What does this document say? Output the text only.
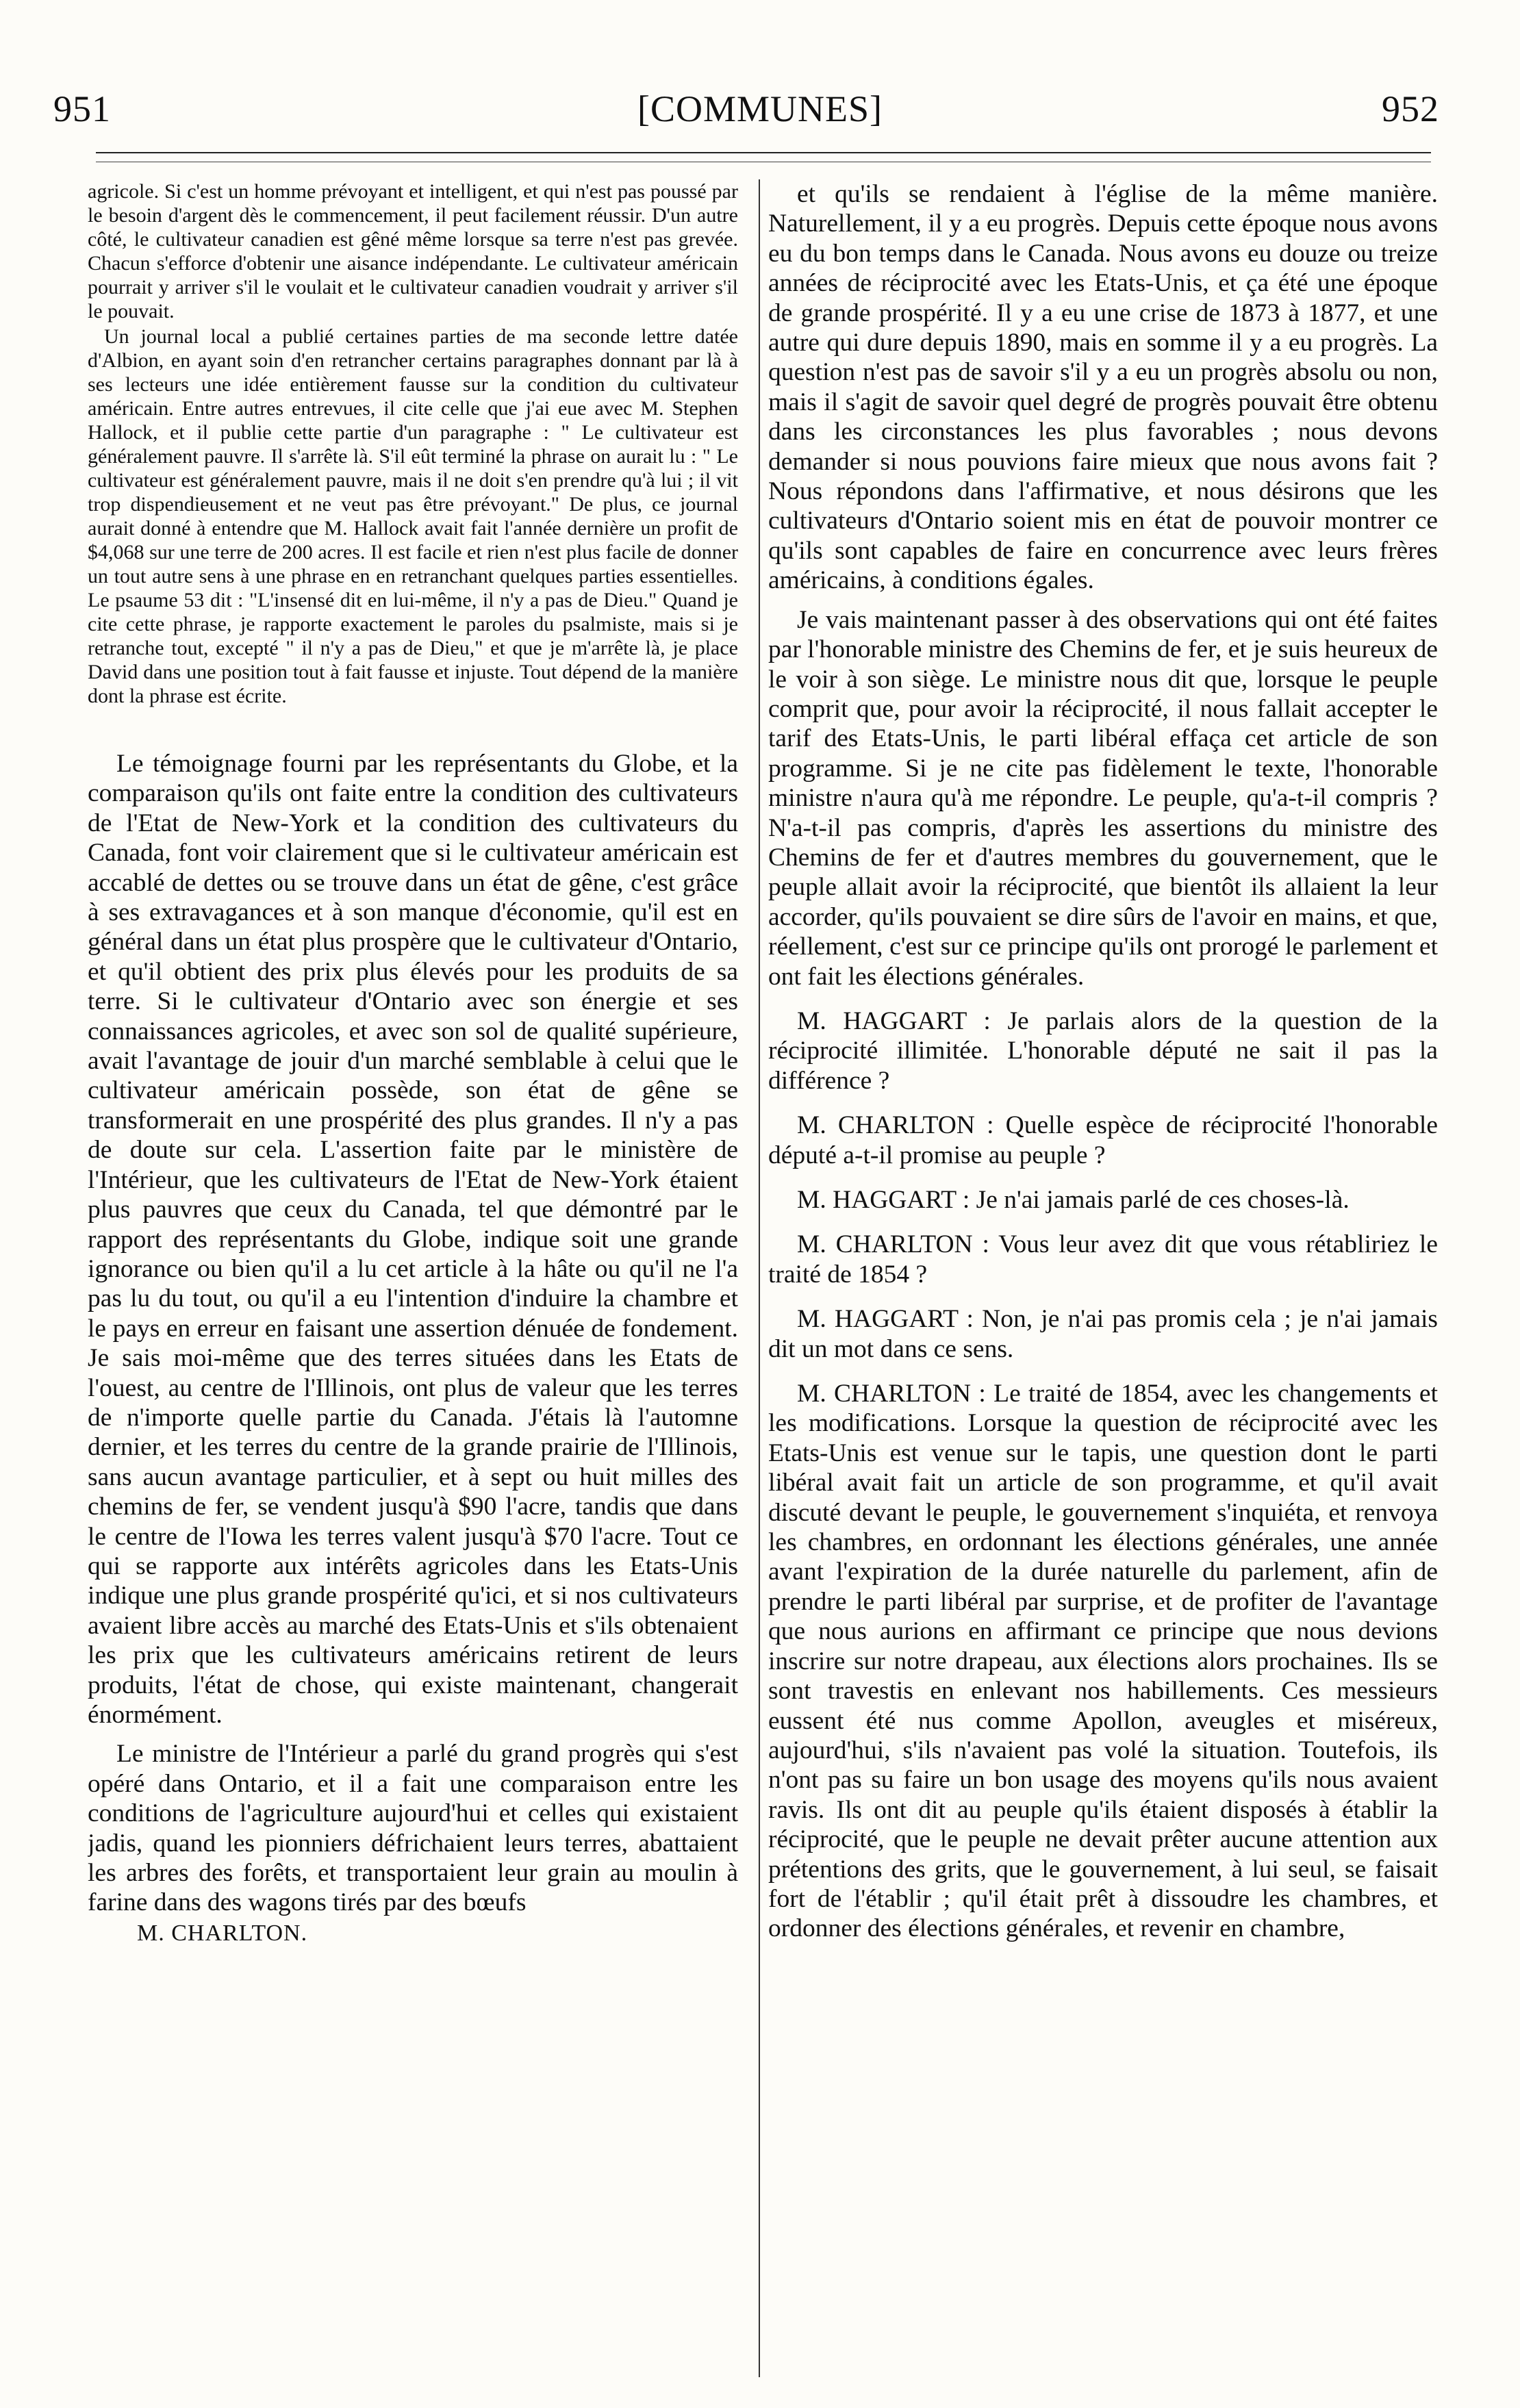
951	[COMMUNES]	952

agricole. Si c'est un homme prévoyant et intelligent, et qui n'est pas poussé par le besoin d'argent dès le commencement, il peut facilement réussir. D'un autre côté, le cultivateur canadien est gêné même lorsque sa terre n'est pas grevée. Chacun s'efforce d'obtenir une aisance indépendante. Le cultivateur américain pourrait y arriver s'il le voulait et le cultivateur canadien voudrait y arriver s'il le pouvait.

Un journal local a publié certaines parties de ma seconde lettre datée d'Albion, en ayant soin d'en retrancher certains paragraphes donnant par là à ses lecteurs une idée entièrement fausse sur la condition du cultivateur américain. Entre autres entrevues, il cite celle que j'ai eue avec M. Stephen Hallock, et il publie cette partie d'un paragraphe : " Le cultivateur est généralement pauvre. Il s'arrête là. S'il eût terminé la phrase on aurait lu : " Le cultivateur est généralement pauvre, mais il ne doit s'en prendre qu'à lui ; il vit trop dispendieusement et ne veut pas être prévoyant." De plus, ce journal aurait donné à entendre que M. Hallock avait fait l'année dernière un profit de $4,068 sur une terre de 200 acres. Il est facile et rien n'est plus facile de donner un tout autre sens à une phrase en en retranchant quelques parties essentielles. Le psaume 53 dit : "L'insensé dit en lui-même, il n'y a pas de Dieu." Quand je cite cette phrase, je rapporte exactement le paroles du psalmiste, mais si je retranche tout, excepté " il n'y a pas de Dieu," et que je m'arrête là, je place David dans une position tout à fait fausse et injuste. Tout dépend de la manière dont la phrase est écrite.

Le témoignage fourni par les représentants du Globe, et la comparaison qu'ils ont faite entre la condition des cultivateurs de l'Etat de New-York et la condition des cultivateurs du Canada, font voir clairement que si le cultivateur américain est accablé de dettes ou se trouve dans un état de gêne, c'est grâce à ses extravagances et à son manque d'économie, qu'il est en général dans un état plus prospère que le cultivateur d'Ontario, et qu'il obtient des prix plus élevés pour les produits de sa terre. Si le cultivateur d'Ontario avec son énergie et ses connaissances agricoles, et avec son sol de qualité supérieure, avait l'avantage de jouir d'un marché semblable à celui que le cultivateur américain possède, son état de gêne se transformerait en une prospérité des plus grandes. Il n'y a pas de doute sur cela. L'assertion faite par le ministère de l'Intérieur, que les cultivateurs de l'Etat de New-York étaient plus pauvres que ceux du Canada, tel que démontré par le rapport des représentants du Globe, indique soit une grande ignorance ou bien qu'il a lu cet article à la hâte ou qu'il ne l'a pas lu du tout, ou qu'il a eu l'intention d'induire la chambre et le pays en erreur en faisant une assertion dénuée de fondement. Je sais moi-même que des terres situées dans les Etats de l'ouest, au centre de l'Illinois, ont plus de valeur que les terres de n'importe quelle partie du Canada. J'étais là l'automne dernier, et les terres du centre de la grande prairie de l'Illinois, sans aucun avantage particulier, et à sept ou huit milles des chemins de fer, se vendent jusqu'à $90 l'acre, tandis que dans le centre de l'Iowa les terres valent jusqu'à $70 l'acre. Tout ce qui se rapporte aux intérêts agricoles dans les Etats-Unis indique une plus grande prospérité qu'ici, et si nos cultivateurs avaient libre accès au marché des Etats-Unis et s'ils obtenaient les prix que les cultivateurs américains retirent de leurs produits, l'état de chose, qui existe maintenant, changerait énormément.

Le ministre de l'Intérieur a parlé du grand progrès qui s'est opéré dans Ontario, et il a fait une comparaison entre les conditions de l'agriculture aujourd'hui et celles qui existaient jadis, quand les pionniers défrichaient leurs terres, abattaient les arbres des forêts, et transportaient leur grain au moulin à farine dans des wagons tirés par des bœufs

M. CHARLTON.

et qu'ils se rendaient à l'église de la même manière. Naturellement, il y a eu progrès. Depuis cette époque nous avons eu du bon temps dans le Canada. Nous avons eu douze ou treize années de réciprocité avec les Etats-Unis, et ça été une époque de grande prospérité. Il y a eu une crise de 1873 à 1877, et une autre qui dure depuis 1890, mais en somme il y a eu progrès. La question n'est pas de savoir s'il y a eu un progrès absolu ou non, mais il s'agit de savoir quel degré de progrès pouvait être obtenu dans les circonstances les plus favorables ; nous devons demander si nous pouvions faire mieux que nous avons fait ? Nous répondons dans l'affirmative, et nous désirons que les cultivateurs d'Ontario soient mis en état de pouvoir montrer ce qu'ils sont capables de faire en concurrence avec leurs frères américains, à conditions égales.

Je vais maintenant passer à des observations qui ont été faites par l'honorable ministre des Chemins de fer, et je suis heureux de le voir à son siège. Le ministre nous dit que, lorsque le peuple comprit que, pour avoir la réciprocité, il nous fallait accepter le tarif des Etats-Unis, le parti libéral effaça cet article de son programme. Si je ne cite pas fidèlement le texte, l'honorable ministre n'aura qu'à me répondre. Le peuple, qu'a-t-il compris ? N'a-t-il pas compris, d'après les assertions du ministre des Chemins de fer et d'autres membres du gouvernement, que le peuple allait avoir la réciprocité, que bientôt ils allaient la leur accorder, qu'ils pouvaient se dire sûrs de l'avoir en mains, et que, réellement, c'est sur ce principe qu'ils ont prorogé le parlement et ont fait les élections générales.

M. HAGGART : Je parlais alors de la question de la réciprocité illimitée. L'honorable député ne sait il pas la différence ?

M. CHARLTON : Quelle espèce de réciprocité l'honorable député a-t-il promise au peuple ?

M. HAGGART : Je n'ai jamais parlé de ces choses-là.

M. CHARLTON : Vous leur avez dit que vous rétabliriez le traité de 1854 ?

M. HAGGART : Non, je n'ai pas promis cela ; je n'ai jamais dit un mot dans ce sens.

M. CHARLTON : Le traité de 1854, avec les changements et les modifications. Lorsque la question de réciprocité avec les Etats-Unis est venue sur le tapis, une question dont le parti libéral avait fait un article de son programme, et qu'il avait discuté devant le peuple, le gouvernement s'inquiéta, et renvoya les chambres, en ordonnant les élections générales, une année avant l'expiration de la durée naturelle du parlement, afin de prendre le parti libéral par surprise, et de profiter de l'avantage que nous aurions en affirmant ce principe que nous devions inscrire sur notre drapeau, aux élections alors prochaines. Ils se sont travestis en enlevant nos habillements. Ces messieurs eussent été nus comme Apollon, aveugles et miséreux, aujourd'hui, s'ils n'avaient pas volé la situation. Toutefois, ils n'ont pas su faire un bon usage des moyens qu'ils nous avaient ravis. Ils ont dit au peuple qu'ils étaient disposés à établir la réciprocité, que le peuple ne devait prêter aucune attention aux prétentions des grits, que le gouvernement, à lui seul, se faisait fort de l'établir ; qu'il était prêt à dissoudre les chambres, et ordonner des élections générales, et revenir en chambre,
